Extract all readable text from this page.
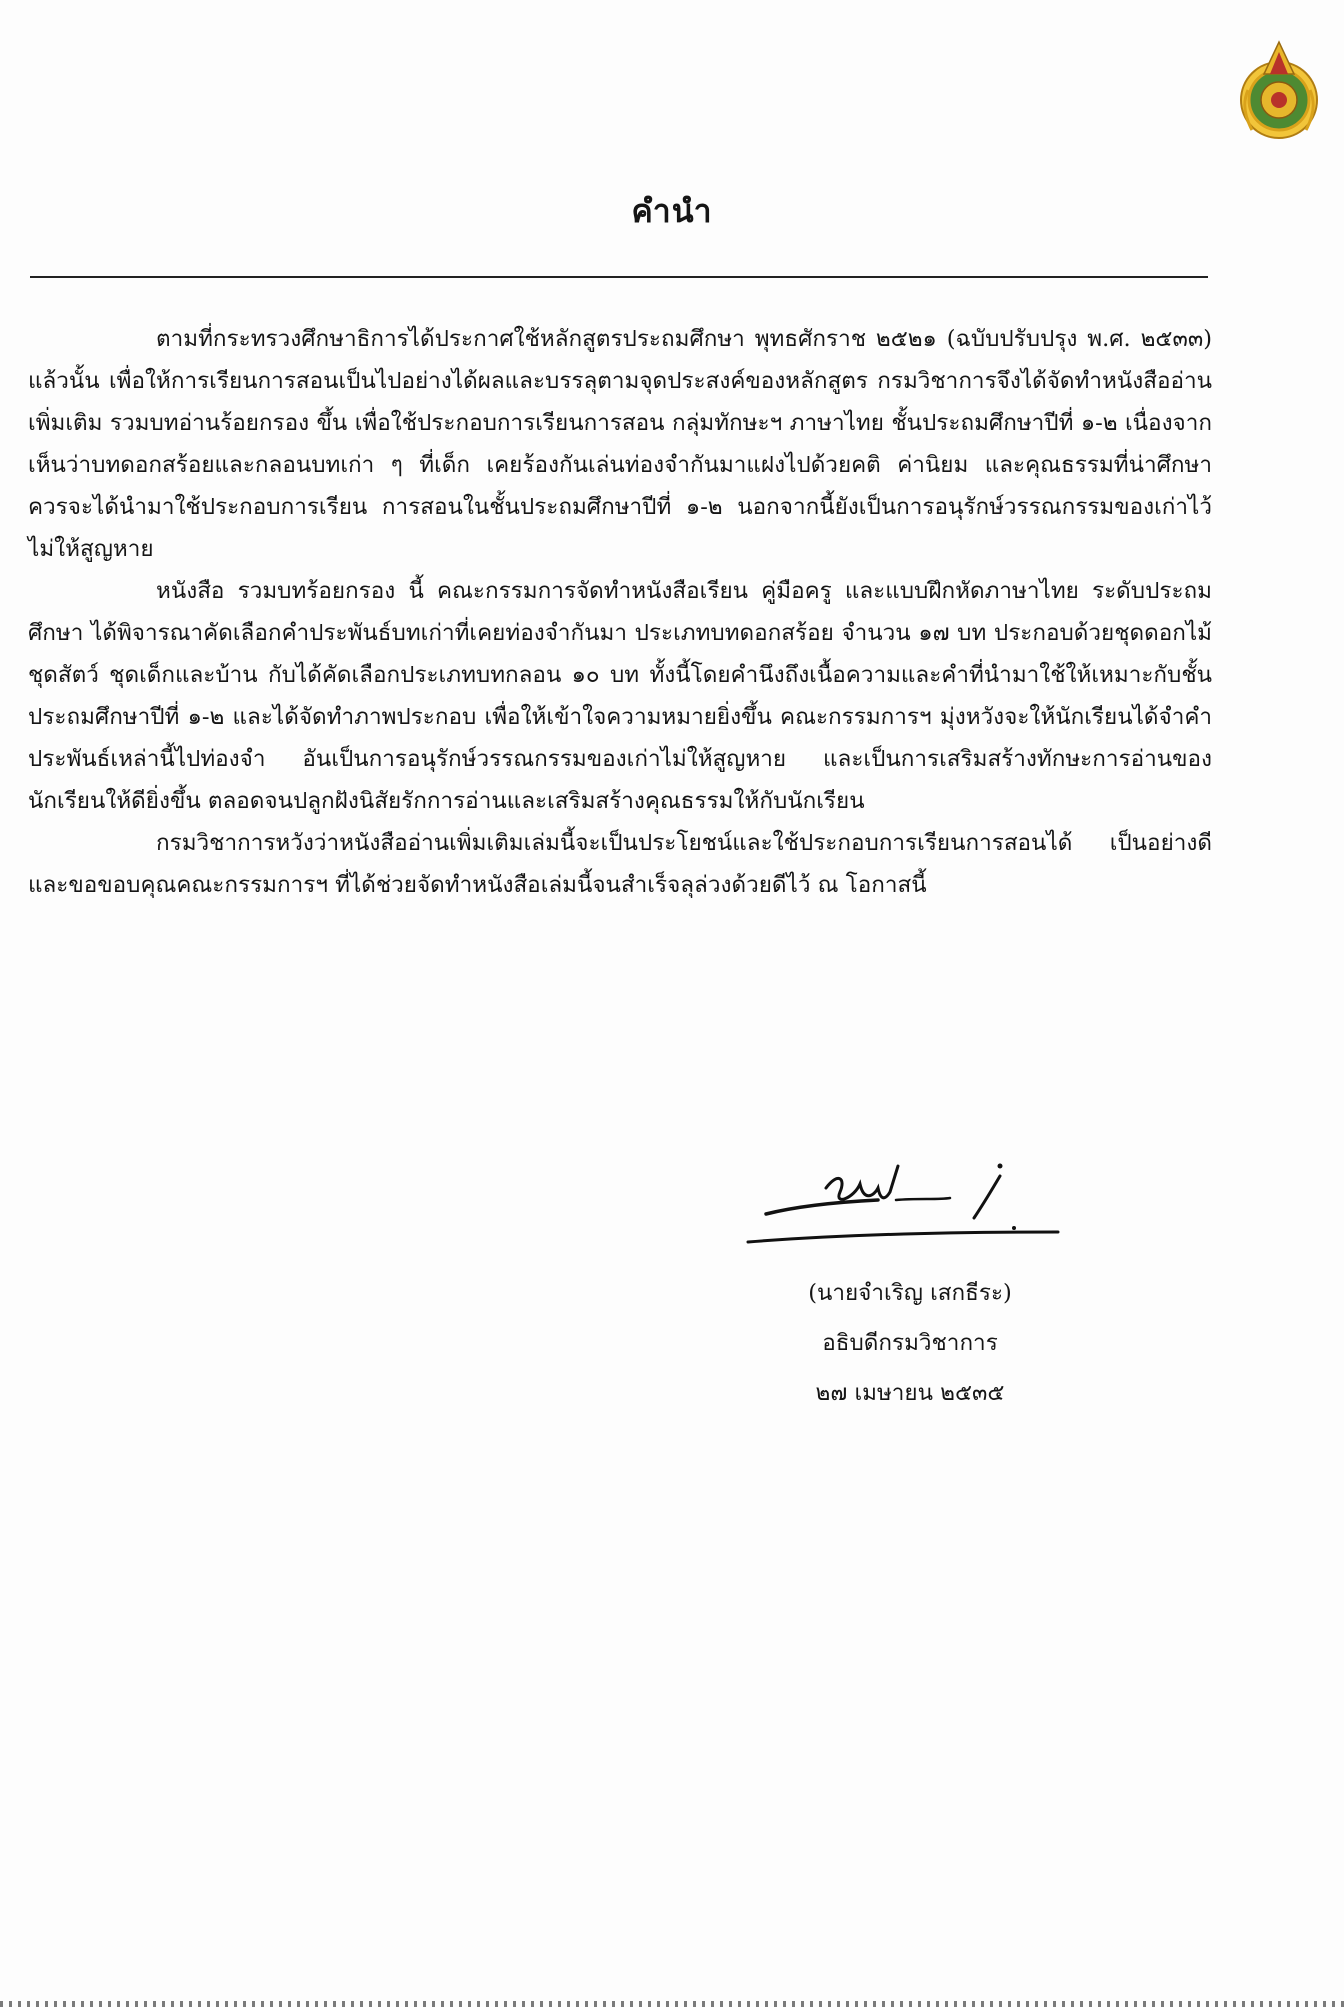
คำนำ

ตามที่กระทรวงศึกษาธิการได้ประกาศใช้หลักสูตรประถมศึกษา พุทธศักราช ๒๕๒๑ (ฉบับปรับปรุง พ.ศ. ๒๕๓๓) แล้วนั้น เพื่อให้การเรียนการสอนเป็นไปอย่างได้ผลและบรรลุตามจุดประสงค์ของหลักสูตร กรมวิชาการจึงได้จัดทำหนังสืออ่านเพิ่มเติม รวมบทอ่านร้อยกรอง ขึ้น เพื่อใช้ประกอบการเรียนการสอน กลุ่มทักษะฯ ภาษาไทย ชั้นประถมศึกษาปีที่ ๑-๒ เนื่องจากเห็นว่าบทดอกสร้อยและกลอนบทเก่า ๆ ที่เด็ก เคยร้องกันเล่นท่องจำกันมาแฝงไปด้วยคติ ค่านิยม และคุณธรรมที่น่าศึกษา ควรจะได้นำมาใช้ประกอบการเรียน การสอนในชั้นประถมศึกษาปีที่ ๑-๒ นอกจากนี้ยังเป็นการอนุรักษ์วรรณกรรมของเก่าไว้ไม่ให้สูญหาย

หนังสือ รวมบทร้อยกรอง นี้ คณะกรรมการจัดทำหนังสือเรียน คู่มือครู และแบบฝึกหัดภาษาไทย ระดับประถมศึกษา ได้พิจารณาคัดเลือกคำประพันธ์บทเก่าที่เคยท่องจำกันมา ประเภทบทดอกสร้อย จำนวน ๑๗ บท ประกอบด้วยชุดดอกไม้ ชุดสัตว์ ชุดเด็กและบ้าน กับได้คัดเลือกประเภทบทกลอน ๑๐ บท ทั้งนี้โดยคำนึงถึงเนื้อความและคำที่นำมาใช้ให้เหมาะกับชั้นประถมศึกษาปีที่ ๑-๒ และได้จัดทำภาพประกอบ เพื่อให้เข้าใจความหมายยิ่งขึ้น คณะกรรมการฯ มุ่งหวังจะให้นักเรียนได้จำคำประพันธ์เหล่านี้ไปท่องจำ อันเป็นการอนุรักษ์วรรณกรรมของเก่าไม่ให้สูญหาย และเป็นการเสริมสร้างทักษะการอ่านของนักเรียนให้ดียิ่งขึ้น ตลอดจนปลูกฝังนิสัยรักการอ่านและเสริมสร้างคุณธรรมให้กับนักเรียน

กรมวิชาการหวังว่าหนังสืออ่านเพิ่มเติมเล่มนี้จะเป็นประโยชน์และใช้ประกอบการเรียนการสอนได้ เป็นอย่างดี และขอขอบคุณคณะกรรมการฯ ที่ได้ช่วยจัดทำหนังสือเล่มนี้จนสำเร็จลุล่วงด้วยดีไว้ ณ โอกาสนี้

(นายจำเริญ เสกธีระ)
อธิบดีกรมวิชาการ
๒๗ เมษายน ๒๕๓๕
